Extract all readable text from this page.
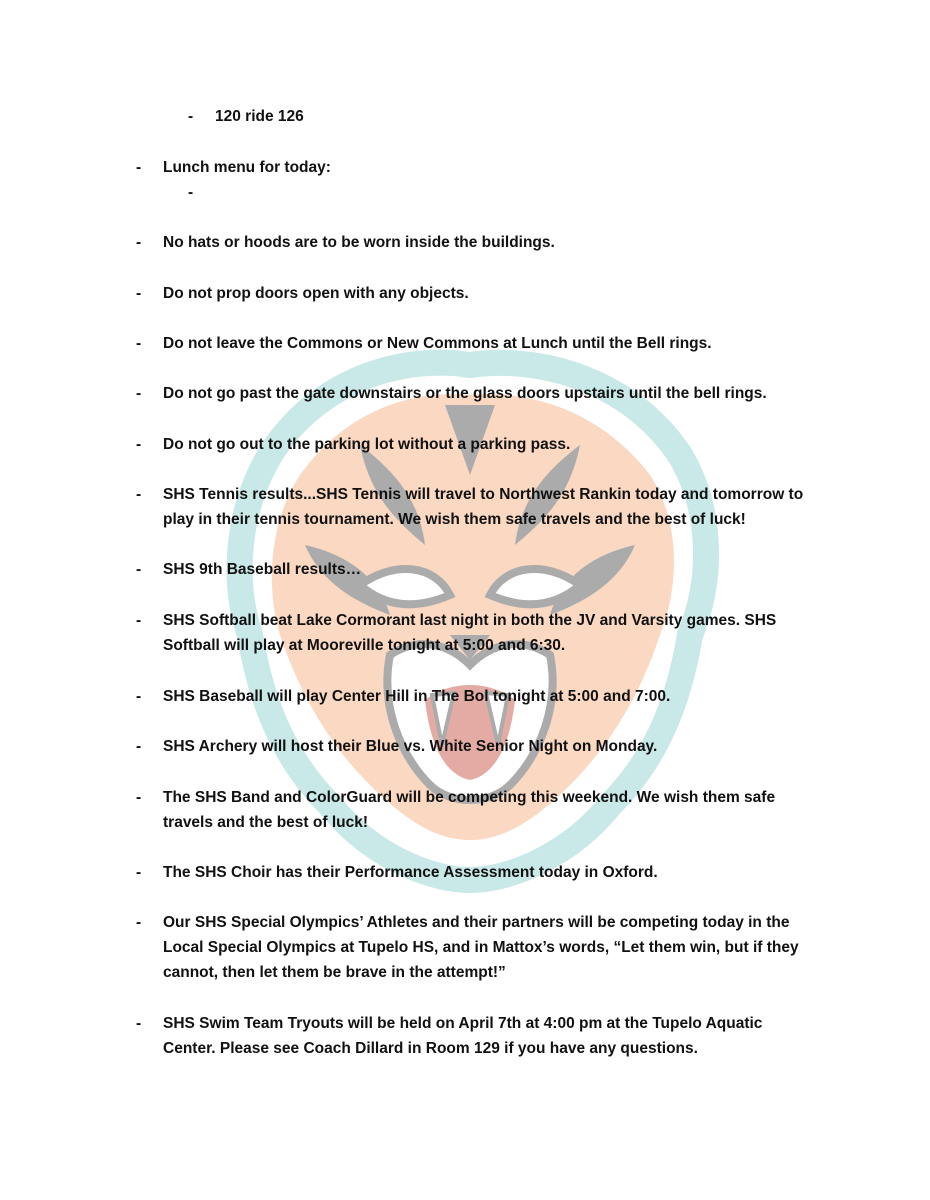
-	120 ride 126
-	Lunch menu for today:
-
-	No hats or hoods are to be worn inside the buildings.
-	Do not prop doors open with any objects.
-	Do not leave the Commons or New Commons at Lunch until the Bell rings.
-	Do not go past the gate downstairs or the glass doors upstairs until the bell rings.
-	Do not go out to the parking lot without a parking pass.
-	SHS Tennis results...SHS Tennis will travel to Northwest Rankin today and tomorrow to
play in their tennis tournament. We wish them safe travels and the best of luck!
-	SHS 9th Baseball results…
-	SHS Softball beat Lake Cormorant last night in both the JV and Varsity games. SHS
Softball will play at Mooreville tonight at 5:00 and 6:30.
-	SHS Baseball will play Center Hill in The Bol tonight at 5:00 and 7:00.
-	SHS Archery will host their Blue vs. White Senior Night on Monday.
-	The SHS Band and ColorGuard will be competing this weekend. We wish them safe
travels and the best of luck!
-	The SHS Choir has their Performance Assessment today in Oxford.
-	Our SHS Special Olympics’ Athletes and their partners will be competing today in the
Local Special Olympics at Tupelo HS, and in Mattox’s words, “Let them win, but if they
cannot, then let them be brave in the attempt!”
-	SHS Swim Team Tryouts will be held on April 7th at 4:00 pm at the Tupelo Aquatic
Center. Please see Coach Dillard in Room 129 if you have any questions.
